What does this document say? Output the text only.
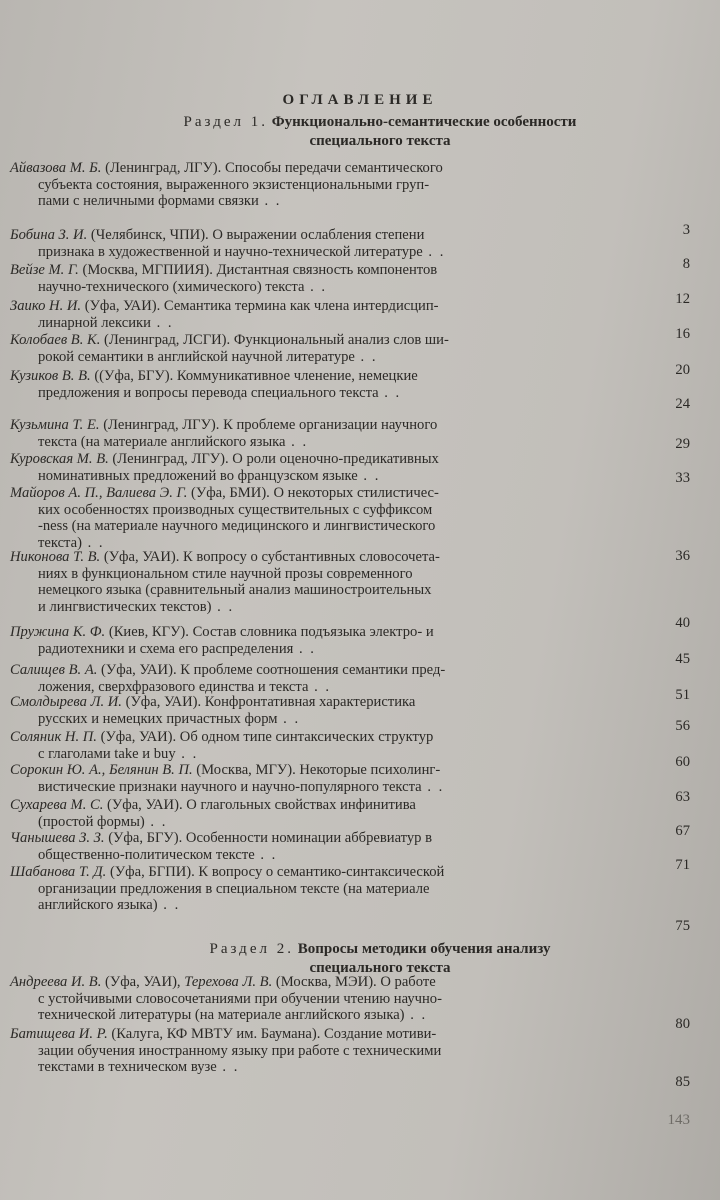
ОГЛАВЛЕНИЕ
Раздел 1. Функционально-семантические особенности
специального текста
Раздел 2. Вопросы методики обучения анализу
специального текста
Айвазова М. Б. (Ленинград, ЛГУ). Способы передачи семантического
субъекта состояния, выраженного экзистенциональными груп-
пами с неличными формами связки . .
Бобина З. И. (Челябинск, ЧПИ). О выражении ослабления степени
признака в художественной и научно-технической литературе . .
Вейзе М. Г. (Москва, МГПИИЯ). Дистантная связность компонентов
научно-технического (химического) текста . .
Заико Н. И. (Уфа, УАИ). Семантика термина как члена интердисцип-
линарной лексики . .
Колобаев В. К. (Ленинград, ЛСГИ). Функциональный анализ слов ши-
рокой семантики в английской научной литературе . .
Кузиков В. В. ((Уфа, БГУ). Коммуникативное членение, немецкие
предложения и вопросы перевода специального текста . .
Кузьмина Т. Е. (Ленинград, ЛГУ). К проблеме организации научного
текста (на материале английского языка . .
Куровская М. В. (Ленинград, ЛГУ). О роли оценочно-предикативных
номинативных предложений во французском языке . .
Майоров А. П., Валиева Э. Г. (Уфа, БМИ). О некоторых стилистичес-
ких особенностях производных существительных с суффиксом
-ness (на материале научного медицинского и лингвистического
текста) . .
Никонова Т. В. (Уфа, УАИ). К вопросу о субстантивных словосочета-
ниях в функциональном стиле научной прозы современного
немецкого языка (сравнительный анализ машиностроительных
и лингвистических текстов) . .
Пружина К. Ф. (Киев, КГУ). Состав словника подъязыка электро- и
радиотехники и схема его распределения . .
Салищев В. А. (Уфа, УАИ). К проблеме соотношения семантики пред-
ложения, сверхфразового единства и текста . .
Смолдырева Л. И. (Уфа, УАИ). Конфронтативная характеристика
русских и немецких причастных форм . .
Соляник Н. П. (Уфа, УАИ). Об одном типе синтаксических структур
с глаголами take и buy . .
Сорокин Ю. А., Белянин В. П. (Москва, МГУ). Некоторые психолинг-
вистические признаки научного и научно-популярного текста . .
Сухарева М. С. (Уфа, УАИ). О глагольных свойствах инфинитива
(простой формы) . .
Чанышева З. З. (Уфа, БГУ). Особенности номинации аббревиатур в
общественно-политическом тексте . .
Шабанова Т. Д. (Уфа, БГПИ). К вопросу о семантико-синтаксической
организации предложения в специальном тексте (на материале
английского языка) . .
Андреева И. В. (Уфа, УАИ), Терехова Л. В. (Москва, МЭИ). О работе
с устойчивыми словосочетаниями при обучении чтению научно-
технической литературы (на материале английского языка) . .
Батищева И. Р. (Калуга, КФ МВТУ им. Баумана). Создание мотиви-
зации обучения иностранному языку при работе с техническими
текстами в техническом вузе . .
3
8
12
16
20
24
29
33
36
40
45
51
56
60
63
67
71
75
80
85
143
